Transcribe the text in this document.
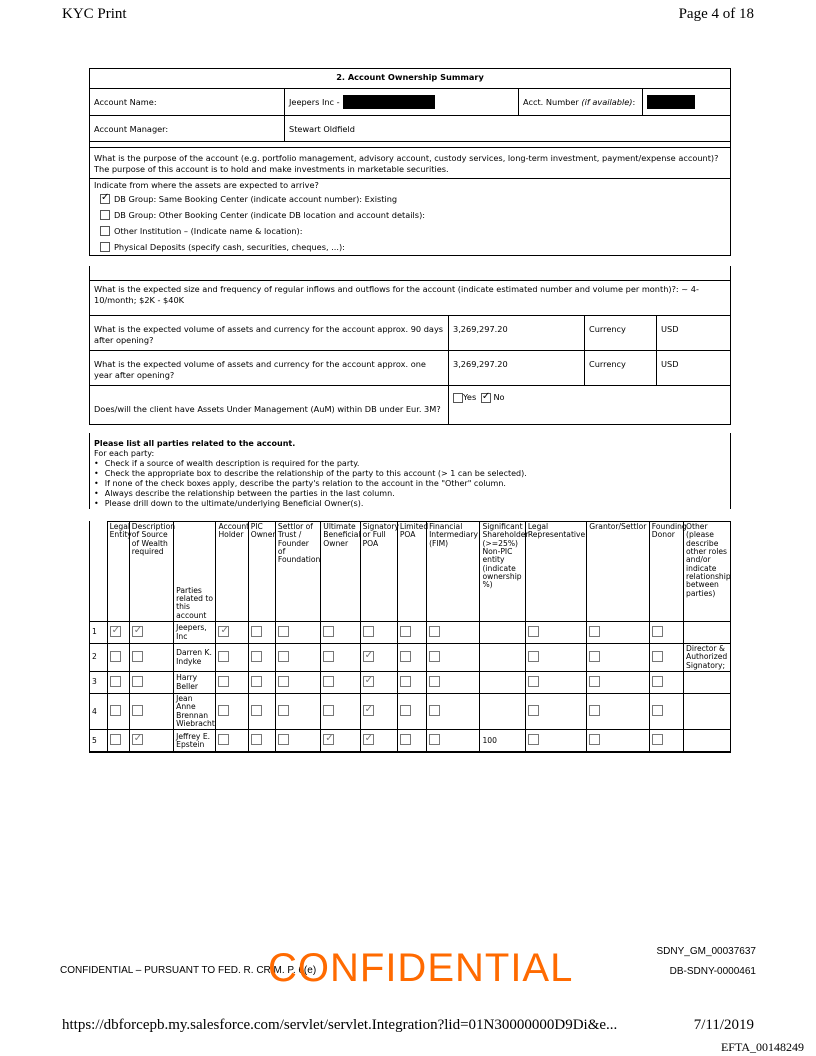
KYC Print	Page 4 of 18
2. Account Ownership Summary
Account Name:	Jeepers Inc -	Acct. Number
(if available) :
Account Manager:	Stewart Oldfield
What is the purpose of the account (e.g. portfolio management, advisory account, custody services, long-term investment, payment/expense account)? The purpose of this account is to hold and make investments in marketable securities.
Indicate from where the assets are expected to arrive?
✓
DB Group: Same Booking Center (indicate account number): Existing
DB Group: Other Booking Center (indicate DB location and account details):
Other Institution – (Indicate name & location):
Physical Deposits (specify cash, securities, cheques, ...):
What is the expected size and frequency of regular inflows and outflows for the account (indicate estimated number and volume per month)?: ~ 4-10/month; $2K - $40K
What is the expected volume of assets and currency for the account approx. 90 days after opening?
3,269,297.20	Currency	USD
What is the expected volume of assets and currency for the account approx. one year after opening?
3,269,297.20	Currency	USD
Does/will the client have Assets Under Management (AuM) within DB under Eur. 3M?
Yes ✓ No
Please list all parties related to the account.
For each party:
• Check if a source of wealth description is required for the party.
• Check the appropriate box to describe the relationship of the party to this account (> 1 can be selected).
• If none of the check boxes apply, describe the party's relation to the account in the "Other" column.
• Always describe the relationship between the parties in the last column.
• Please drill down to the ultimate/underlying Beneficial Owner(s).
	Legal Entity	Description of Source of Wealth required	Parties related to this account	Account Holder	PIC Owner	Settlor of Trust / Founder of Foundation	Ultimate Beneficial Owner	Signatory or Full POA	Limited POA	Financial Intermediary (FIM)	Significant Shareholder (>=25%) Non-PIC entity (indicate ownership %)	Legal Representative	Grantor/Settlor	Founding Donor	Other (please describe other roles and/or indicate relationship between parties)
1	✓	✓	Jeepers, Inc	✓											
2			Darren K. Indyke					✓							Director & Authorized Signatory;
3			Harry Beller					✓							
4			Jean Anne Brennan Wiebracht					✓							
5		✓	Jeffrey E. Epstein				✓	✓			100				
CONFIDENTIAL – PURSUANT TO FED. R. CRIM. P. 6(e)
CONFIDENTIAL	SDNY_GM_00037637
DB-SDNY-0000461
https://dbforcepb.my.salesforce.com/servlet/servlet.Integration?lid=01N30000000D9Di&e...	7/11/2019
EFTA_00148249
